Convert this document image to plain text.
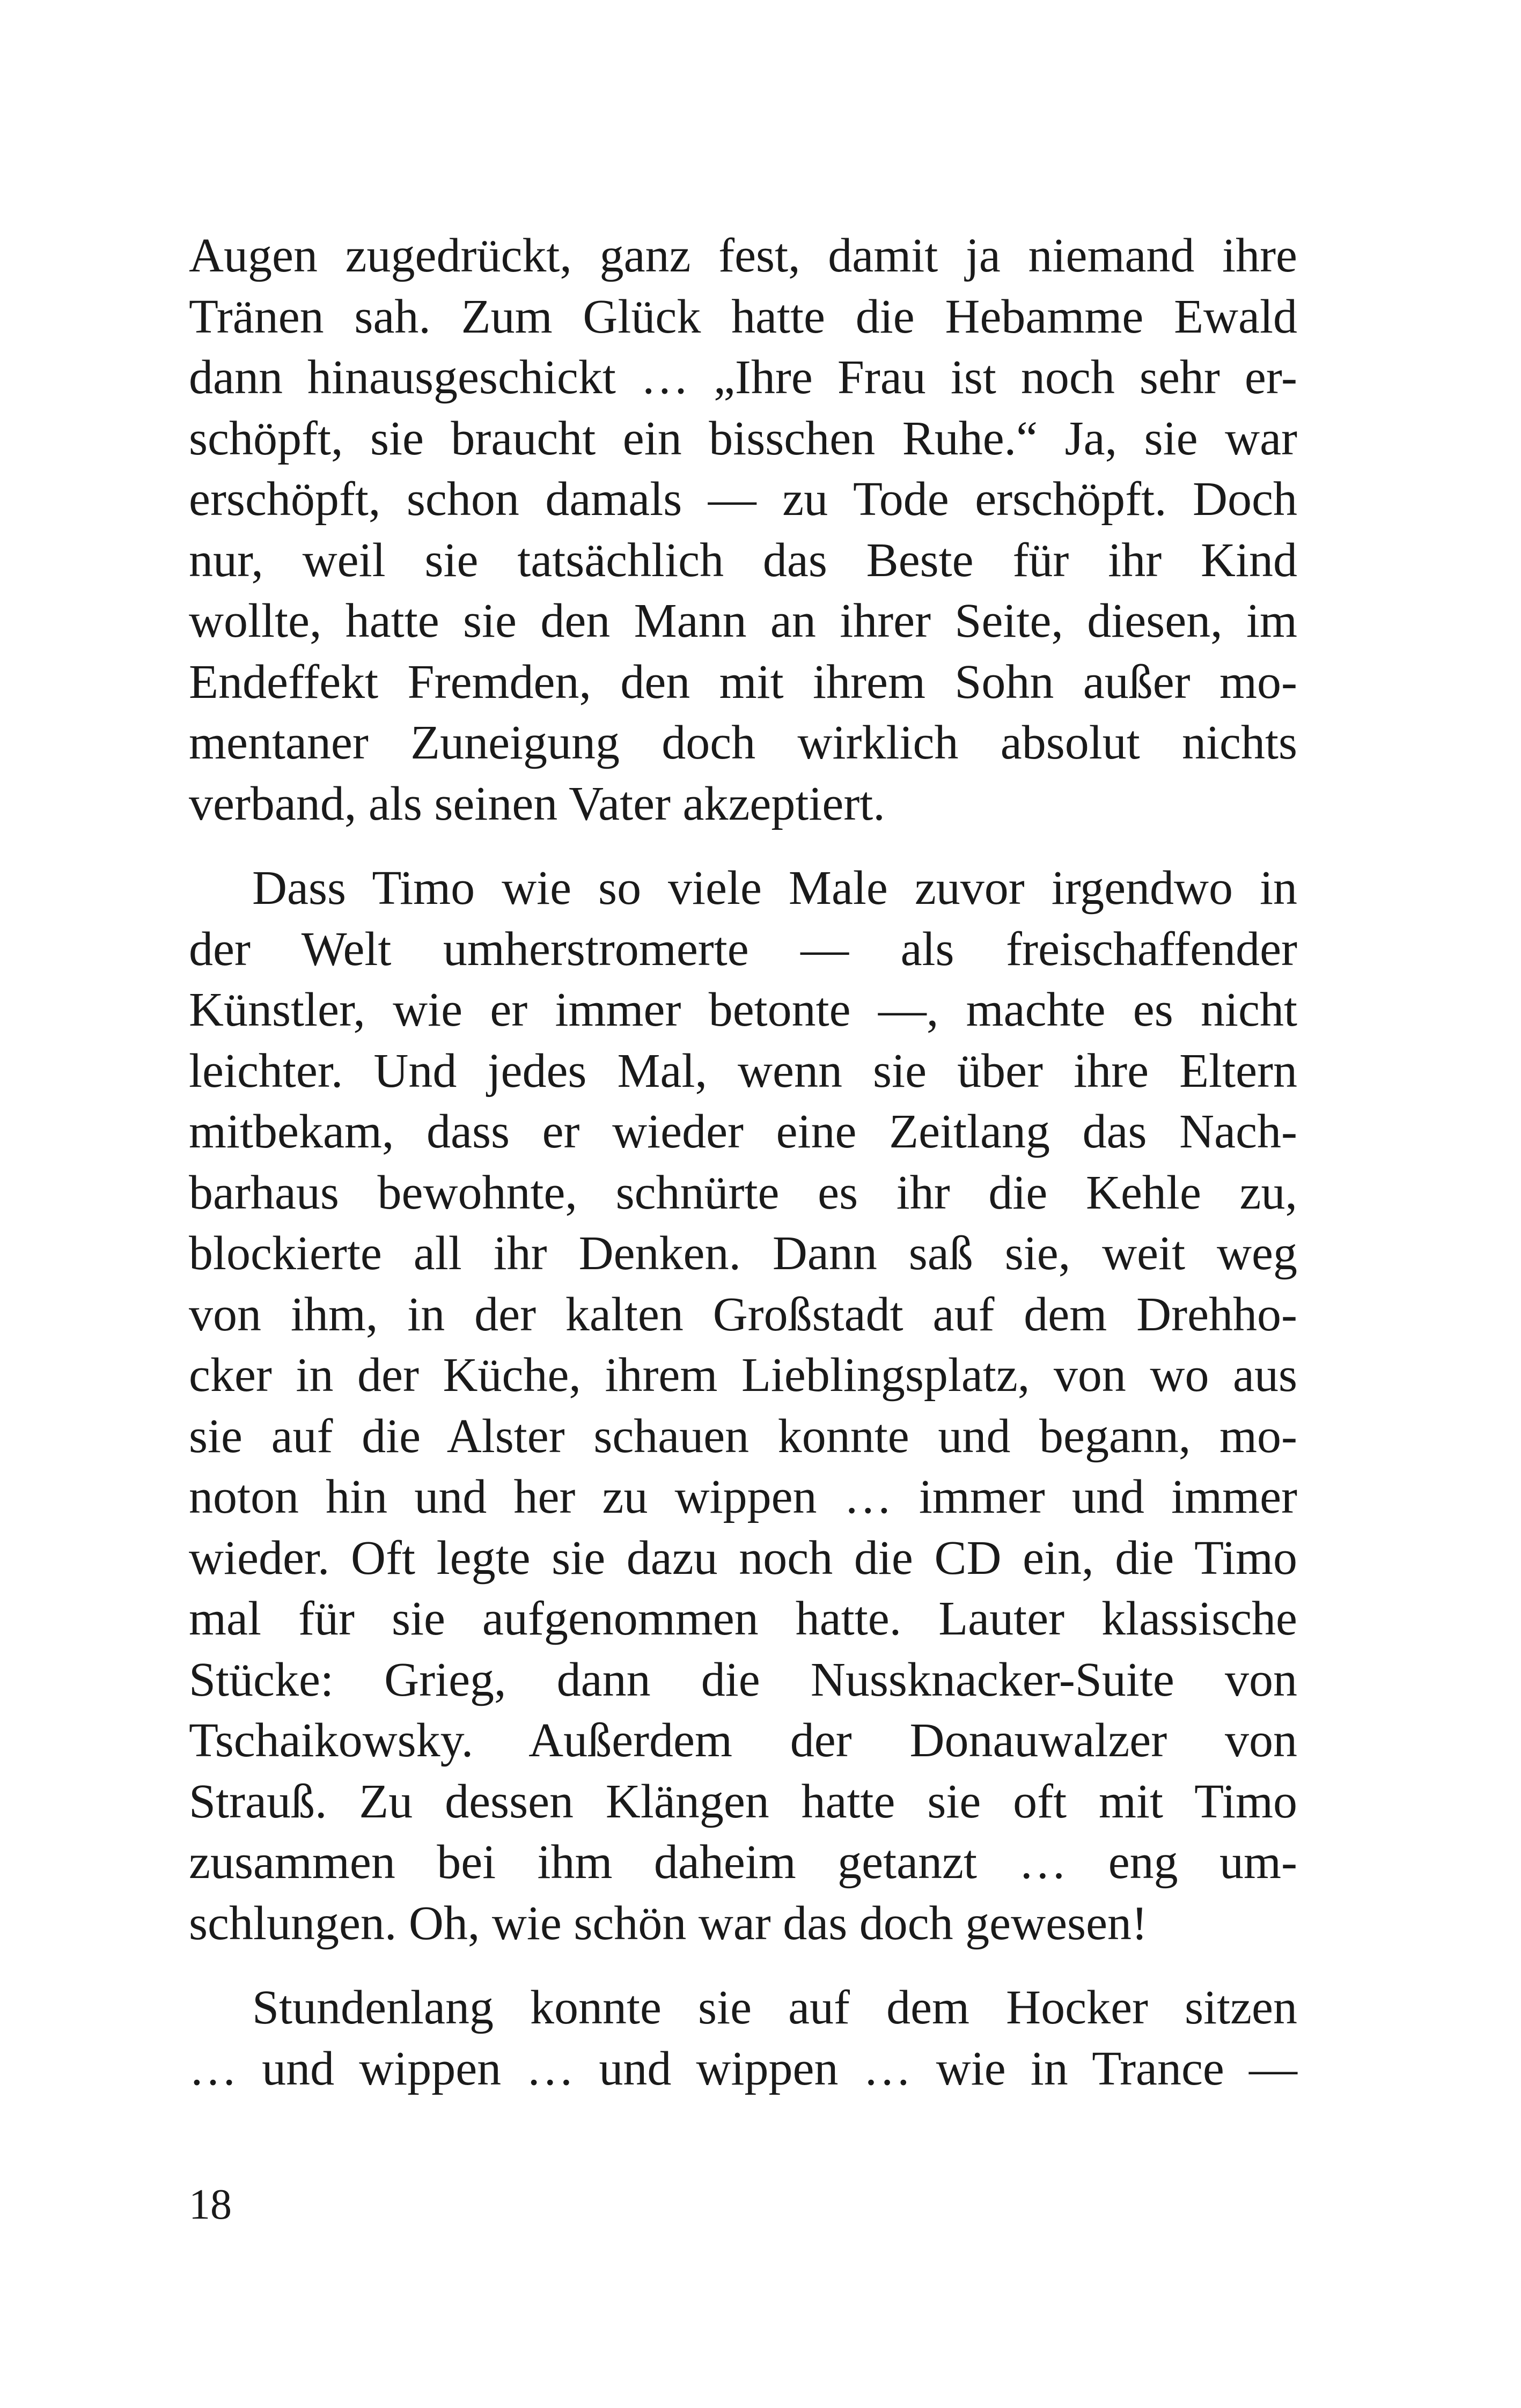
Augen zugedrückt, ganz fest, damit ja niemand ihre
Tränen sah. Zum Glück hatte die Hebamme Ewald
dann hinausgeschickt … „Ihre Frau ist noch sehr er-
schöpft, sie braucht ein bisschen Ruhe.“ Ja, sie war
erschöpft, schon damals — zu Tode erschöpft. Doch
nur, weil sie tatsächlich das Beste für ihr Kind
wollte, hatte sie den Mann an ihrer Seite, diesen, im
Endeffekt Fremden, den mit ihrem Sohn außer mo-
mentaner Zuneigung doch wirklich absolut nichts
verband, als seinen Vater akzeptiert.
Dass Timo wie so viele Male zuvor irgendwo in
der Welt umherstromerte — als freischaffender
Künstler, wie er immer betonte —, machte es nicht
leichter. Und jedes Mal, wenn sie über ihre Eltern
mitbekam, dass er wieder eine Zeitlang das Nach-
barhaus bewohnte, schnürte es ihr die Kehle zu,
blockierte all ihr Denken. Dann saß sie, weit weg
von ihm, in der kalten Großstadt auf dem Drehho-
cker in der Küche, ihrem Lieblingsplatz, von wo aus
sie auf die Alster schauen konnte und begann, mo-
noton hin und her zu wippen … immer und immer
wieder. Oft legte sie dazu noch die CD ein, die Timo
mal für sie aufgenommen hatte. Lauter klassische
Stücke: Grieg, dann die Nussknacker-Suite von
Tschaikowsky. Außerdem der Donauwalzer von
Strauß. Zu dessen Klängen hatte sie oft mit Timo
zusammen bei ihm daheim getanzt … eng um-
schlungen. Oh, wie schön war das doch gewesen!
Stundenlang konnte sie auf dem Hocker sitzen
… und wippen … und wippen … wie in Trance —
18
